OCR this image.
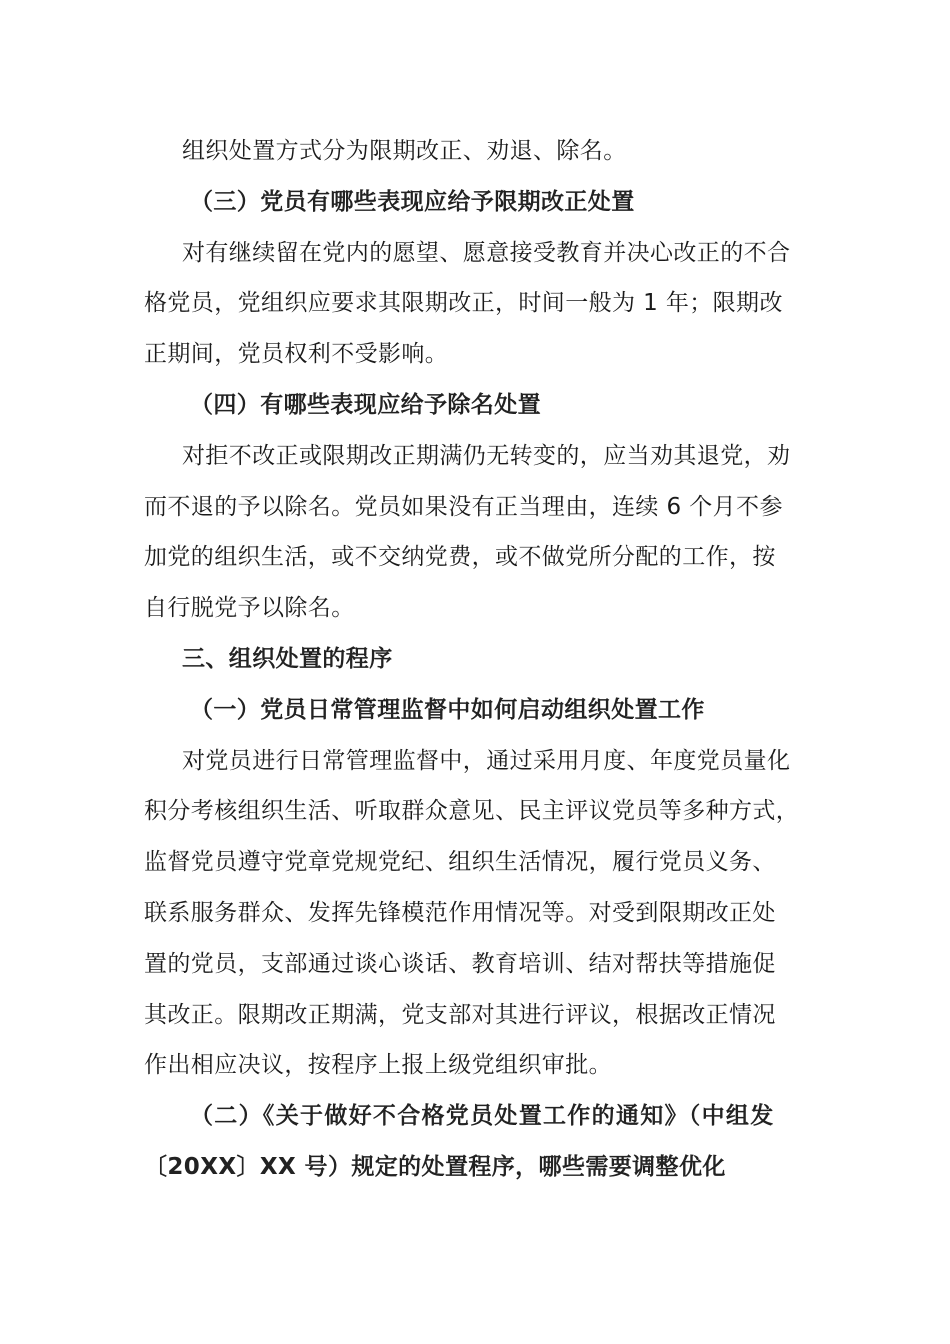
组织处置方式分为限期改正、劝退、除名。
（三）党员有哪些表现应给予限期改正处置
对有继续留在党内的愿望、愿意接受教育并决心改正的不合
格党员，党组织应要求其限期改正，时间一般为 1 年；限期改
正期间，党员权利不受影响。
（四）有哪些表现应给予除名处置
对拒不改正或限期改正期满仍无转变的，应当劝其退党，劝
而不退的予以除名。党员如果没有正当理由，连续 6 个月不参
加党的组织生活，或不交纳党费，或不做党所分配的工作，按
自行脱党予以除名。
三、组织处置的程序
（一）党员日常管理监督中如何启动组织处置工作
对党员进行日常管理监督中，通过采用月度、年度党员量化
积分考核组织生活、听取群众意见、民主评议党员等多种方式，
监督党员遵守党章党规党纪、组织生活情况，履行党员义务、
联系服务群众、发挥先锋模范作用情况等。对受到限期改正处
置的党员，支部通过谈心谈话、教育培训、结对帮扶等措施促
其改正。限期改正期满，党支部对其进行评议，根据改正情况
作出相应决议，按程序上报上级党组织审批。
（二）《关于做好不合格党员处置工作的通知》（中组发
〔20XX〕XX 号）规定的处置程序，哪些需要调整优化
